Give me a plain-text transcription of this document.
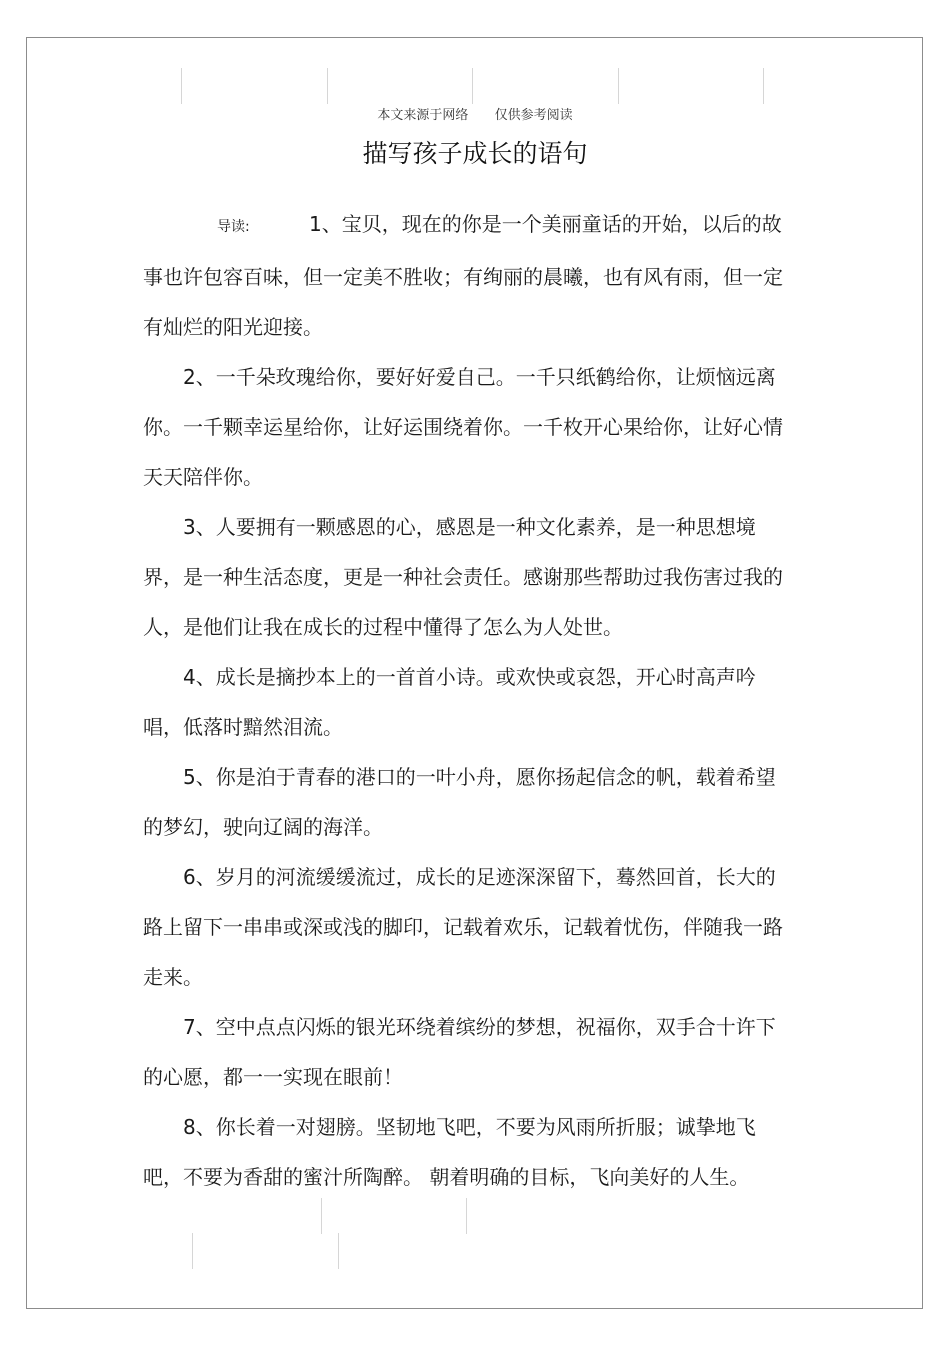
本文来源于网络 仅供参考阅读
描写孩子成长的语句

导读:	1、宝贝，现在的你是一个美丽童话的开始，以后的故事也许包容百味，但一定美不胜收；有绚丽的晨曦，也有风有雨，但一定有灿烂的阳光迎接。

2、一千朵玫瑰给你，要好好爱自己。一千只纸鹤给你，让烦恼远离你。一千颗幸运星给你，让好运围绕着你。一千枚开心果给你，让好心情天天陪伴你。

3、人要拥有一颗感恩的心，感恩是一种文化素养，是一种思想境界，是一种生活态度，更是一种社会责任。感谢那些帮助过我伤害过我的人，是他们让我在成长的过程中懂得了怎么为人处世。

4、成长是摘抄本上的一首首小诗。或欢快或哀怨，开心时高声吟唱，低落时黯然泪流。

5、你是泊于青春的港口的一叶小舟，愿你扬起信念的帆，载着希望的梦幻，驶向辽阔的海洋。

6、岁月的河流缓缓流过，成长的足迹深深留下，蓦然回首，长大的路上留下一串串或深或浅的脚印，记载着欢乐，记载着忧伤，伴随我一路走来。

7、空中点点闪烁的银光环绕着缤纷的梦想，祝福你，双手合十许下的心愿，都一一实现在眼前！

8、你长着一对翅膀。坚韧地飞吧，不要为风雨所折服；诚挚地飞吧，不要为香甜的蜜汁所陶醉。 朝着明确的目标，飞向美好的人生。
